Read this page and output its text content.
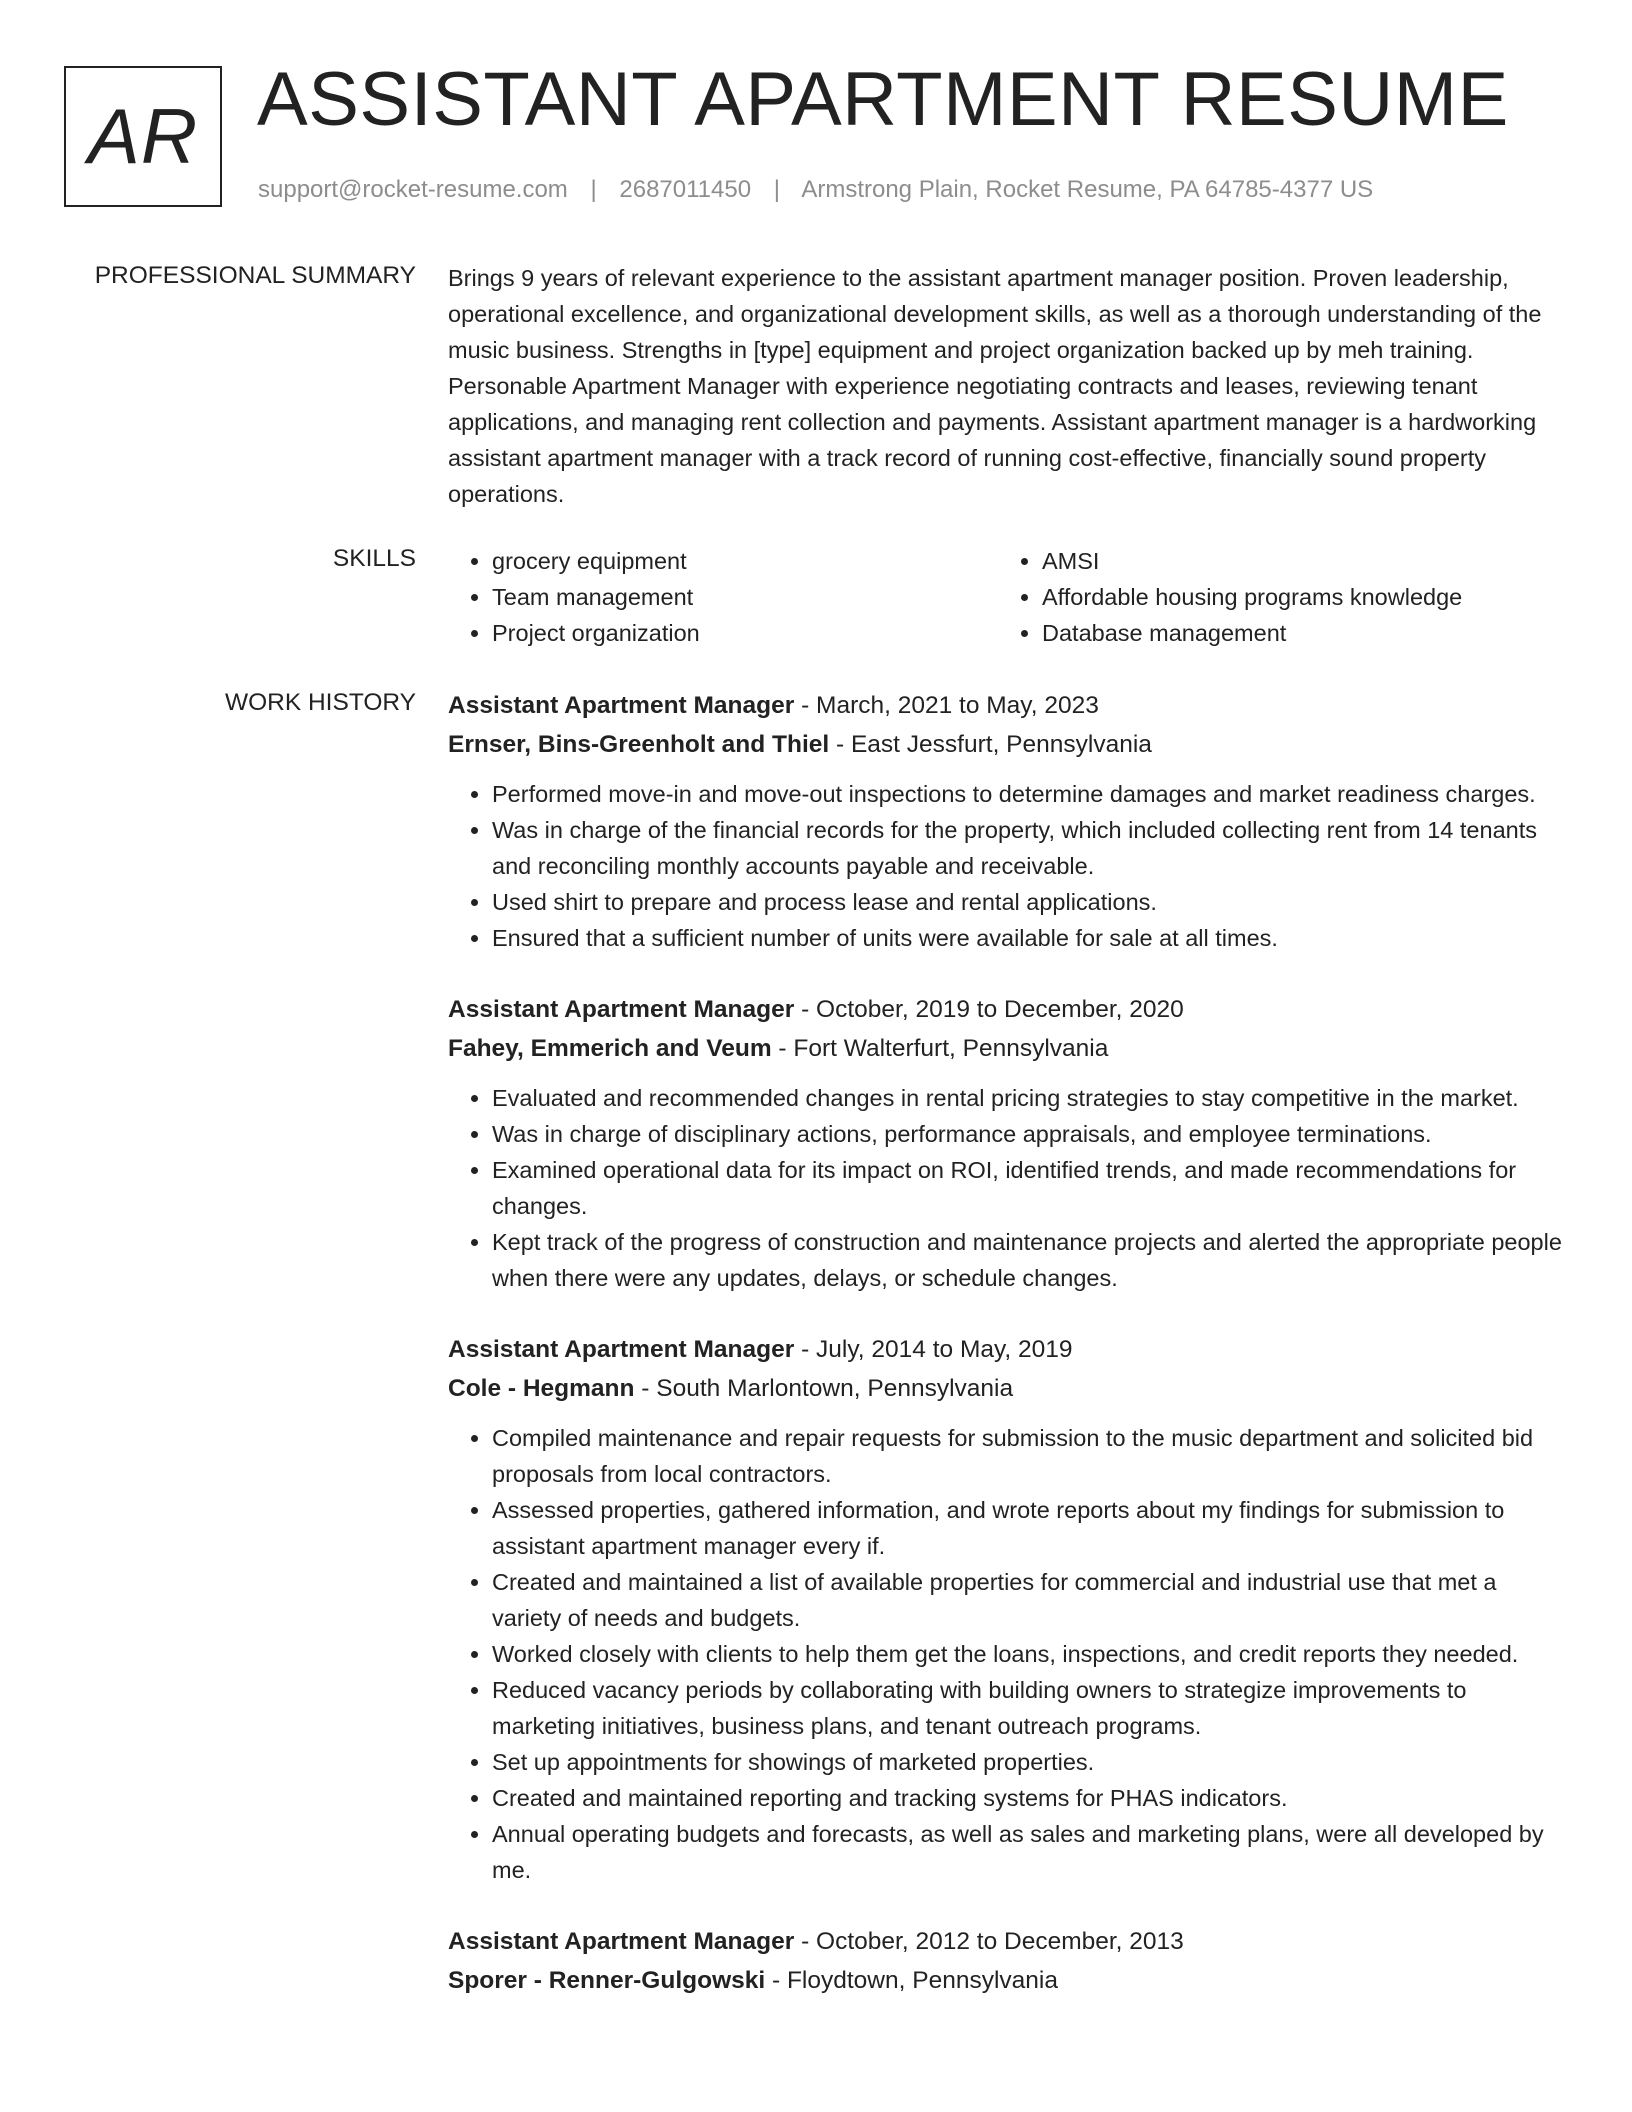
AR ASSISTANT APARTMENT RESUME
support@rocket-resume.com | 2687011450 | Armstrong Plain, Rocket Resume, PA 64785-4377 US
PROFESSIONAL SUMMARY Brings 9 years of relevant experience to the assistant apartment manager position. Proven leadership, operational excellence, and organizational development skills, as well as a thorough understanding of the music business. Strengths in [type] equipment and project organization backed up by meh training. Personable Apartment Manager with experience negotiating contracts and leases, reviewing tenant applications, and managing rent collection and payments. Assistant apartment manager is a hardworking assistant apartment manager with a track record of running cost-effective, financially sound property operations.

SKILLS
•	grocery equipment
• Team management
• Project organization
• AMSI
• Affordable housing programs knowledge
• Database management
WORK HISTORY Assistant Apartment Manager - March, 2021 to May, 2023
Ernser, Bins-Greenholt and Thiel - East Jessfurt, Pennsylvania
• Performed move-in and move-out inspections to determine damages and market readiness charges.
• Was in charge of the financial records for the property, which included collecting rent from 14 tenants and reconciling monthly accounts payable and receivable.
• Used shirt to prepare and process lease and rental applications.
• Ensured that a sufficient number of units were available for sale at all times.
Assistant Apartment Manager - October, 2019 to December, 2020
Fahey, Emmerich and Veum - Fort Walterfurt, Pennsylvania
• Evaluated and recommended changes in rental pricing strategies to stay competitive in the market.
• Was in charge of disciplinary actions, performance appraisals, and employee terminations.
• Examined operational data for its impact on ROI, identified trends, and made recommendations for changes.
• Kept track of the progress of construction and maintenance projects and alerted the appropriate people when there were any updates, delays, or schedule changes.
Assistant Apartment Manager - July, 2014 to May, 2019
Cole - Hegmann - South Marlontown, Pennsylvania
• Compiled maintenance and repair requests for submission to the music department and solicited bid proposals from local contractors.
• Assessed properties, gathered information, and wrote reports about my findings for submission to assistant apartment manager every if.
• Created and maintained a list of available properties for commercial and industrial use that met a variety of needs and budgets.
• Worked closely with clients to help them get the loans, inspections, and credit reports they needed.
• Reduced vacancy periods by collaborating with building owners to strategize improvements to marketing initiatives, business plans, and tenant outreach programs.
• Set up appointments for showings of marketed properties.
• Created and maintained reporting and tracking systems for PHAS indicators.
• Annual operating budgets and forecasts, as well as sales and marketing plans, were all developed by me.
Assistant Apartment Manager - October, 2012 to December, 2013
Sporer - Renner-Gulgowski - Floydtown, Pennsylvania
